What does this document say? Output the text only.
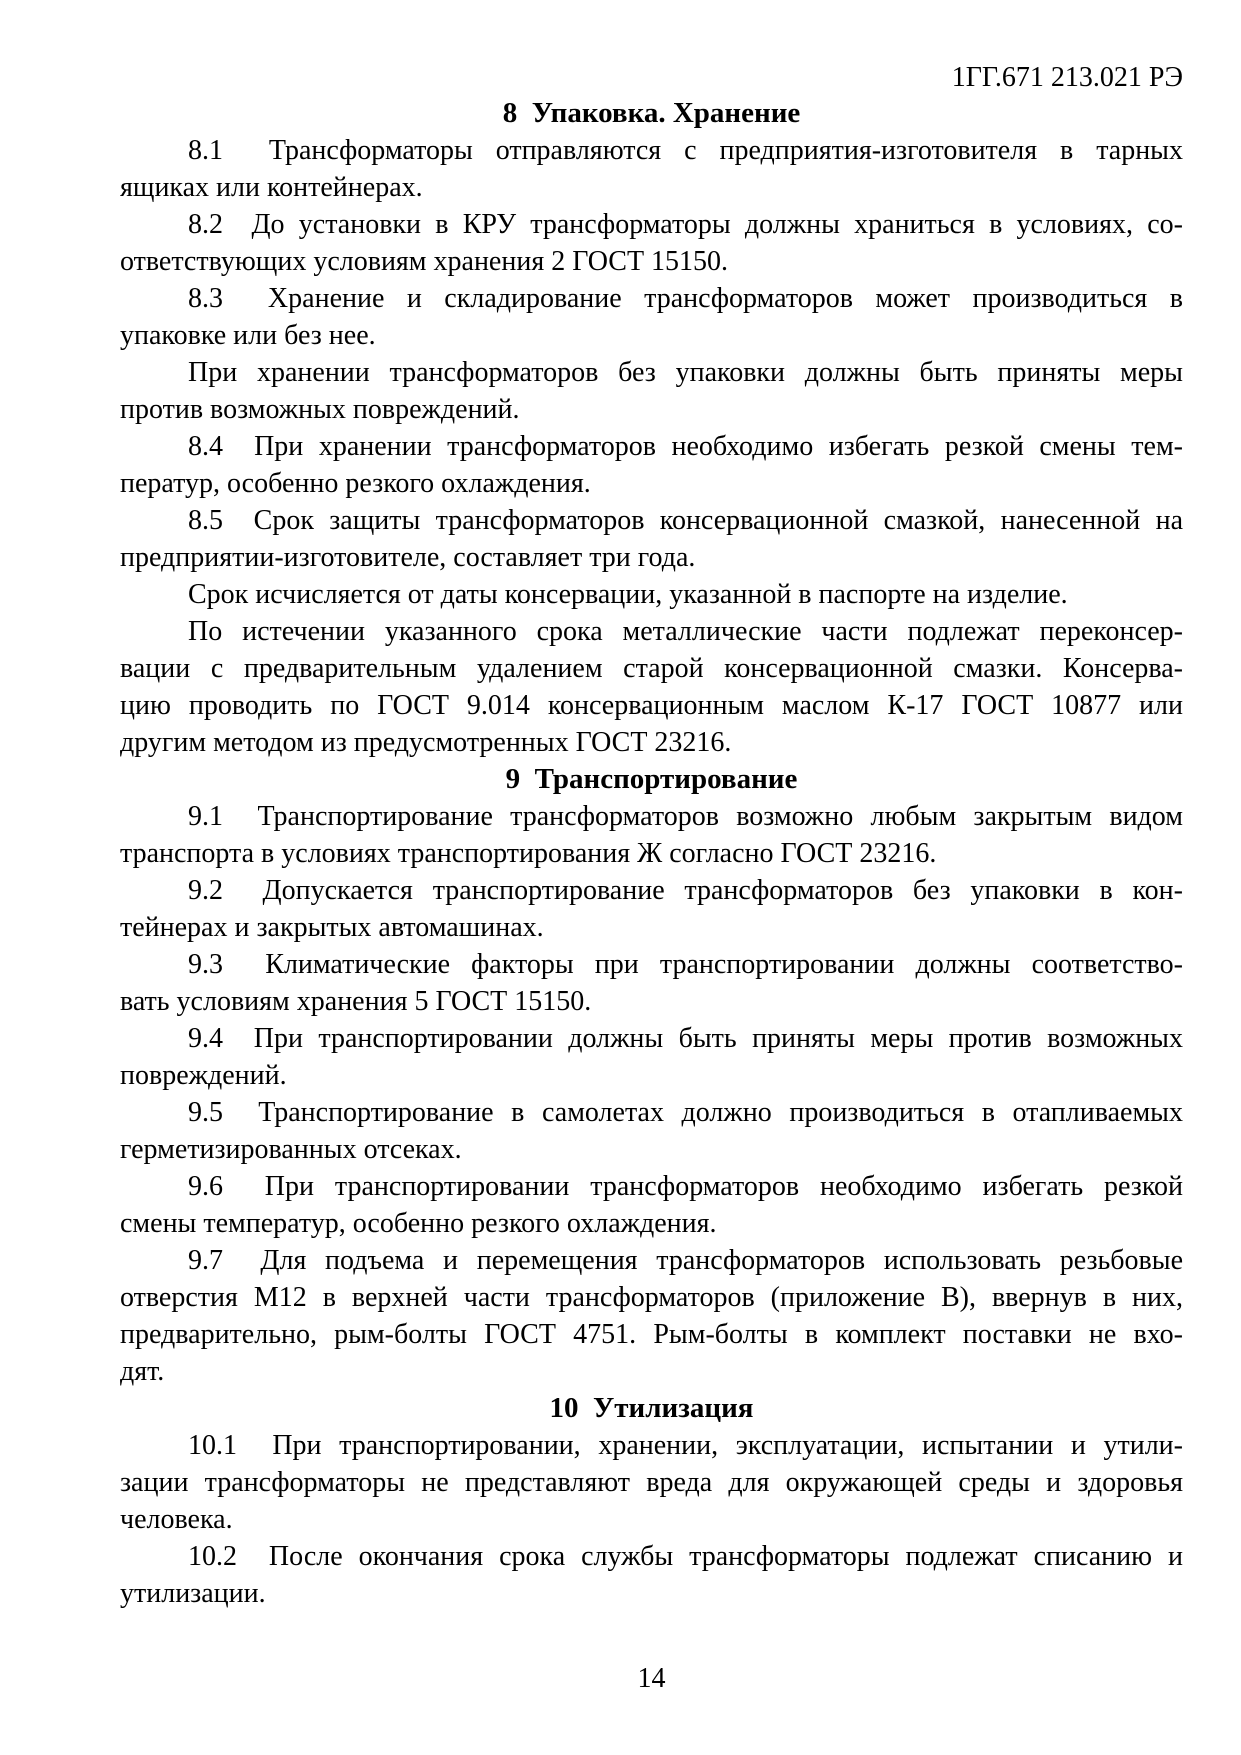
1ГГ.671 213.021 РЭ
8  Упаковка. Хранение
8.1  Трансформаторы отправляются с предприятия-изготовителя в тарных
ящиках или контейнерах.
8.2  До установки в КРУ трансформаторы должны храниться в условиях, со-
ответствующих условиям хранения 2 ГОСТ 15150.
8.3  Хранение и складирование трансформаторов может производиться в
упаковке или без нее.
При хранении трансформаторов без упаковки должны быть приняты меры
против возможных повреждений.
8.4  При хранении трансформаторов необходимо избегать резкой смены тем-
ператур, особенно резкого охлаждения.
8.5  Срок защиты трансформаторов консервационной смазкой, нанесенной на
предприятии-изготовителе, составляет три года.
Срок исчисляется от даты консервации, указанной в паспорте на изделие.
По истечении указанного срока металлические части подлежат переконсер-
вации с предварительным удалением старой консервационной смазки. Консерва-
цию проводить по ГОСТ 9.014 консервационным маслом К-17 ГОСТ 10877 или
другим методом из предусмотренных ГОСТ 23216.
9  Транспортирование
9.1  Транспортирование трансформаторов возможно любым закрытым видом
транспорта в условиях транспортирования Ж согласно ГОСТ 23216.
9.2  Допускается транспортирование трансформаторов без упаковки в кон-
тейнерах и закрытых автомашинах.
9.3  Климатические факторы при транспортировании должны соответство-
вать условиям хранения 5 ГОСТ 15150.
9.4  При транспортировании должны быть приняты меры против возможных
повреждений.
9.5  Транспортирование в самолетах должно производиться в отапливаемых
герметизированных отсеках.
9.6  При транспортировании трансформаторов необходимо избегать резкой
смены температур, особенно резкого охлаждения.
9.7  Для подъема и перемещения трансформаторов использовать резьбовые
отверстия М12 в верхней части трансформаторов (приложение В), ввернув в них,
предварительно, рым-болты ГОСТ 4751. Рым-болты в комплект поставки не вхо-
дят.
10  Утилизация
10.1  При транспортировании, хранении, эксплуатации, испытании и утили-
зации трансформаторы не представляют вреда для окружающей среды и здоровья
человека.
10.2  После окончания срока службы трансформаторы подлежат списанию и
утилизации.
14
